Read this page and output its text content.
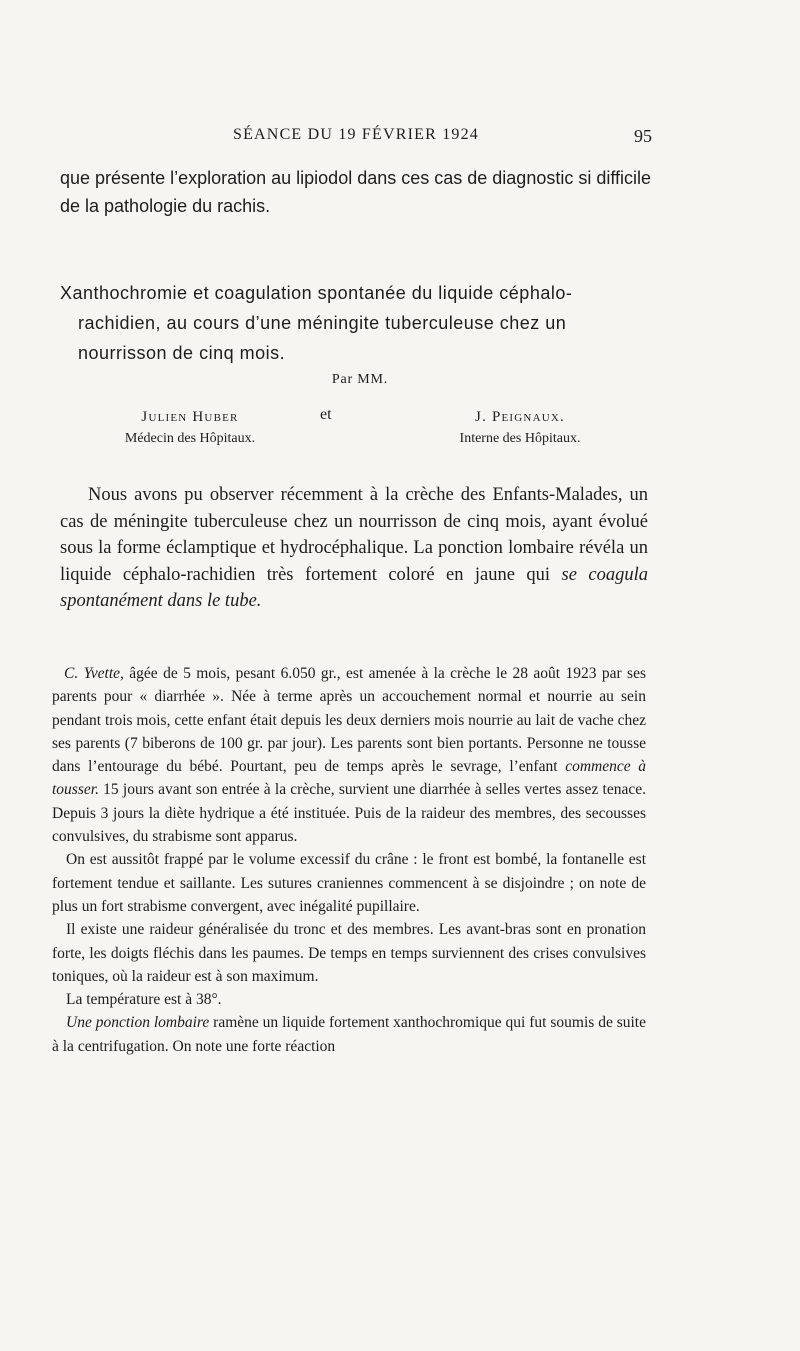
SÉANCE DU 19 FÉVRIER 1924	95

que présente l’exploration au lipiodol dans ces cas de diagnostic si difficile de la pathologie du rachis.

Xanthochromie et coagulation spontanée du liquide céphalo-
rachidien, au cours d’une méningite tuberculeuse chez un
nourrisson de cinq mois.
Par MM.
Julien Huber
Médecin des Hôpitaux.
et	J. Peignaux.
Interne des Hôpitaux.

Nous avons pu observer récemment à la crèche des Enfants-Malades, un cas de méningite tuberculeuse chez un nourrisson de cinq mois, ayant évolué sous la forme éclamptique et hydrocéphalique. La ponction lombaire révéla un liquide céphalo-rachidien très fortement coloré en jaune qui se coagula spontanément dans le tube.

C. Yvette, âgée de 5 mois, pesant 6.050 gr., est amenée à la crèche le 28 août 1923 par ses parents pour « diarrhée ». Née à terme après un accouchement normal et nourrie au sein pendant trois mois, cette enfant était depuis les deux derniers mois nourrie au lait de vache chez ses parents (7 biberons de 100 gr. par jour). Les parents sont bien portants. Personne ne tousse dans l’entourage du bébé. Pourtant, peu de temps après le sevrage, l’enfant commence à tousser. 15 jours avant son entrée à la crèche, survient une diarrhée à selles vertes assez tenace. Depuis 3 jours la diète hydrique a été instituée. Puis de la raideur des membres, des secousses convulsives, du strabisme sont apparus.

On est aussitôt frappé par le volume excessif du crâne : le front est bombé, la fontanelle est fortement tendue et saillante. Les sutures craniennes commencent à se disjoindre ; on note de plus un fort strabisme convergent, avec inégalité pupillaire.

Il existe une raideur généralisée du tronc et des membres. Les avant-bras sont en pronation forte, les doigts fléchis dans les paumes. De temps en temps surviennent des crises convulsives toniques, où la raideur est à son maximum.

La température est à 38°.

Une ponction lombaire ramène un liquide fortement xanthochromique qui fut soumis de suite à la centrifugation. On note une forte réaction
